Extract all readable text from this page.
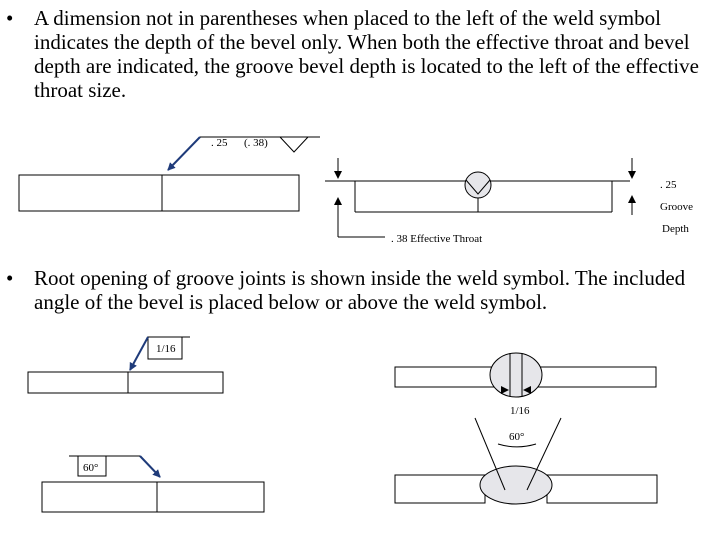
• A dimension not in parentheses when placed to the left of the weld symbol indicates the depth of the bevel only. When both the effective throat and bevel depth are indicated, the groove bevel depth is located to the left of the effective throat size.
• Root opening of groove joints is shown inside the weld symbol. The included angle of the bevel is placed below or above the weld symbol.
. 25 (. 38)
. 25
Groove
Depth
. 38 Effective Throat
1/16
1/16
60°
60°
